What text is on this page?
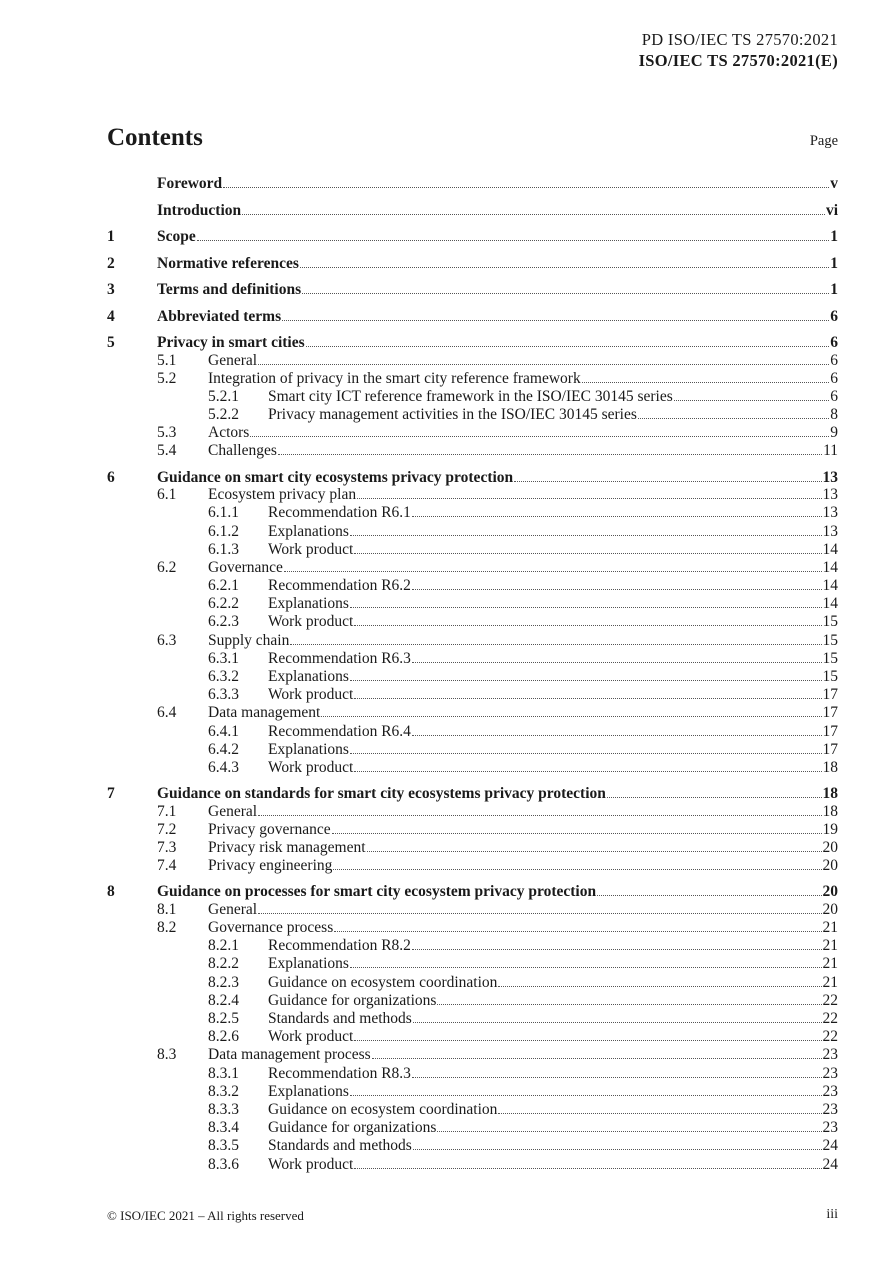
PD ISO/IEC TS 27570:2021
ISO/IEC TS 27570:2021(E)
Contents	Page
Foreword	v
Introduction	vi
1	Scope	1
2	Normative references	1
3	Terms and definitions	1
4	Abbreviated terms	6
5	Privacy in smart cities	6
5.1	General	6
5.2	Integration of privacy in the smart city reference framework	6
5.2.1	Smart city ICT reference framework in the ISO/IEC 30145 series	6
5.2.2	Privacy management activities in the ISO/IEC 30145 series	8
5.3	Actors	9
5.4	Challenges	11
6	Guidance on smart city ecosystems privacy protection	13
6.1	Ecosystem privacy plan	13
6.1.1	Recommendation R6.1	13
6.1.2	Explanations	13
6.1.3	Work product	14
6.2	Governance	14
6.2.1	Recommendation R6.2	14
6.2.2	Explanations	14
6.2.3	Work product	15
6.3	Supply chain	15
6.3.1	Recommendation R6.3	15
6.3.2	Explanations	15
6.3.3	Work product	17
6.4	Data management	17
6.4.1	Recommendation R6.4	17
6.4.2	Explanations	17
6.4.3	Work product	18
7	Guidance on standards for smart city ecosystems privacy protection	18
7.1	General	18
7.2	Privacy governance	19
7.3	Privacy risk management	20
7.4	Privacy engineering	20
8	Guidance on processes for smart city ecosystem privacy protection	20
8.1	General	20
8.2	Governance process	21
8.2.1	Recommendation R8.2	21
8.2.2	Explanations	21
8.2.3	Guidance on ecosystem coordination	21
8.2.4	Guidance for organizations	22
8.2.5	Standards and methods	22
8.2.6	Work product	22
8.3	Data management process	23
8.3.1	Recommendation R8.3	23
8.3.2	Explanations	23
8.3.3	Guidance on ecosystem coordination	23
8.3.4	Guidance for organizations	23
8.3.5	Standards and methods	24
8.3.6	Work product	24
© ISO/IEC 2021 – All rights reserved	iii
